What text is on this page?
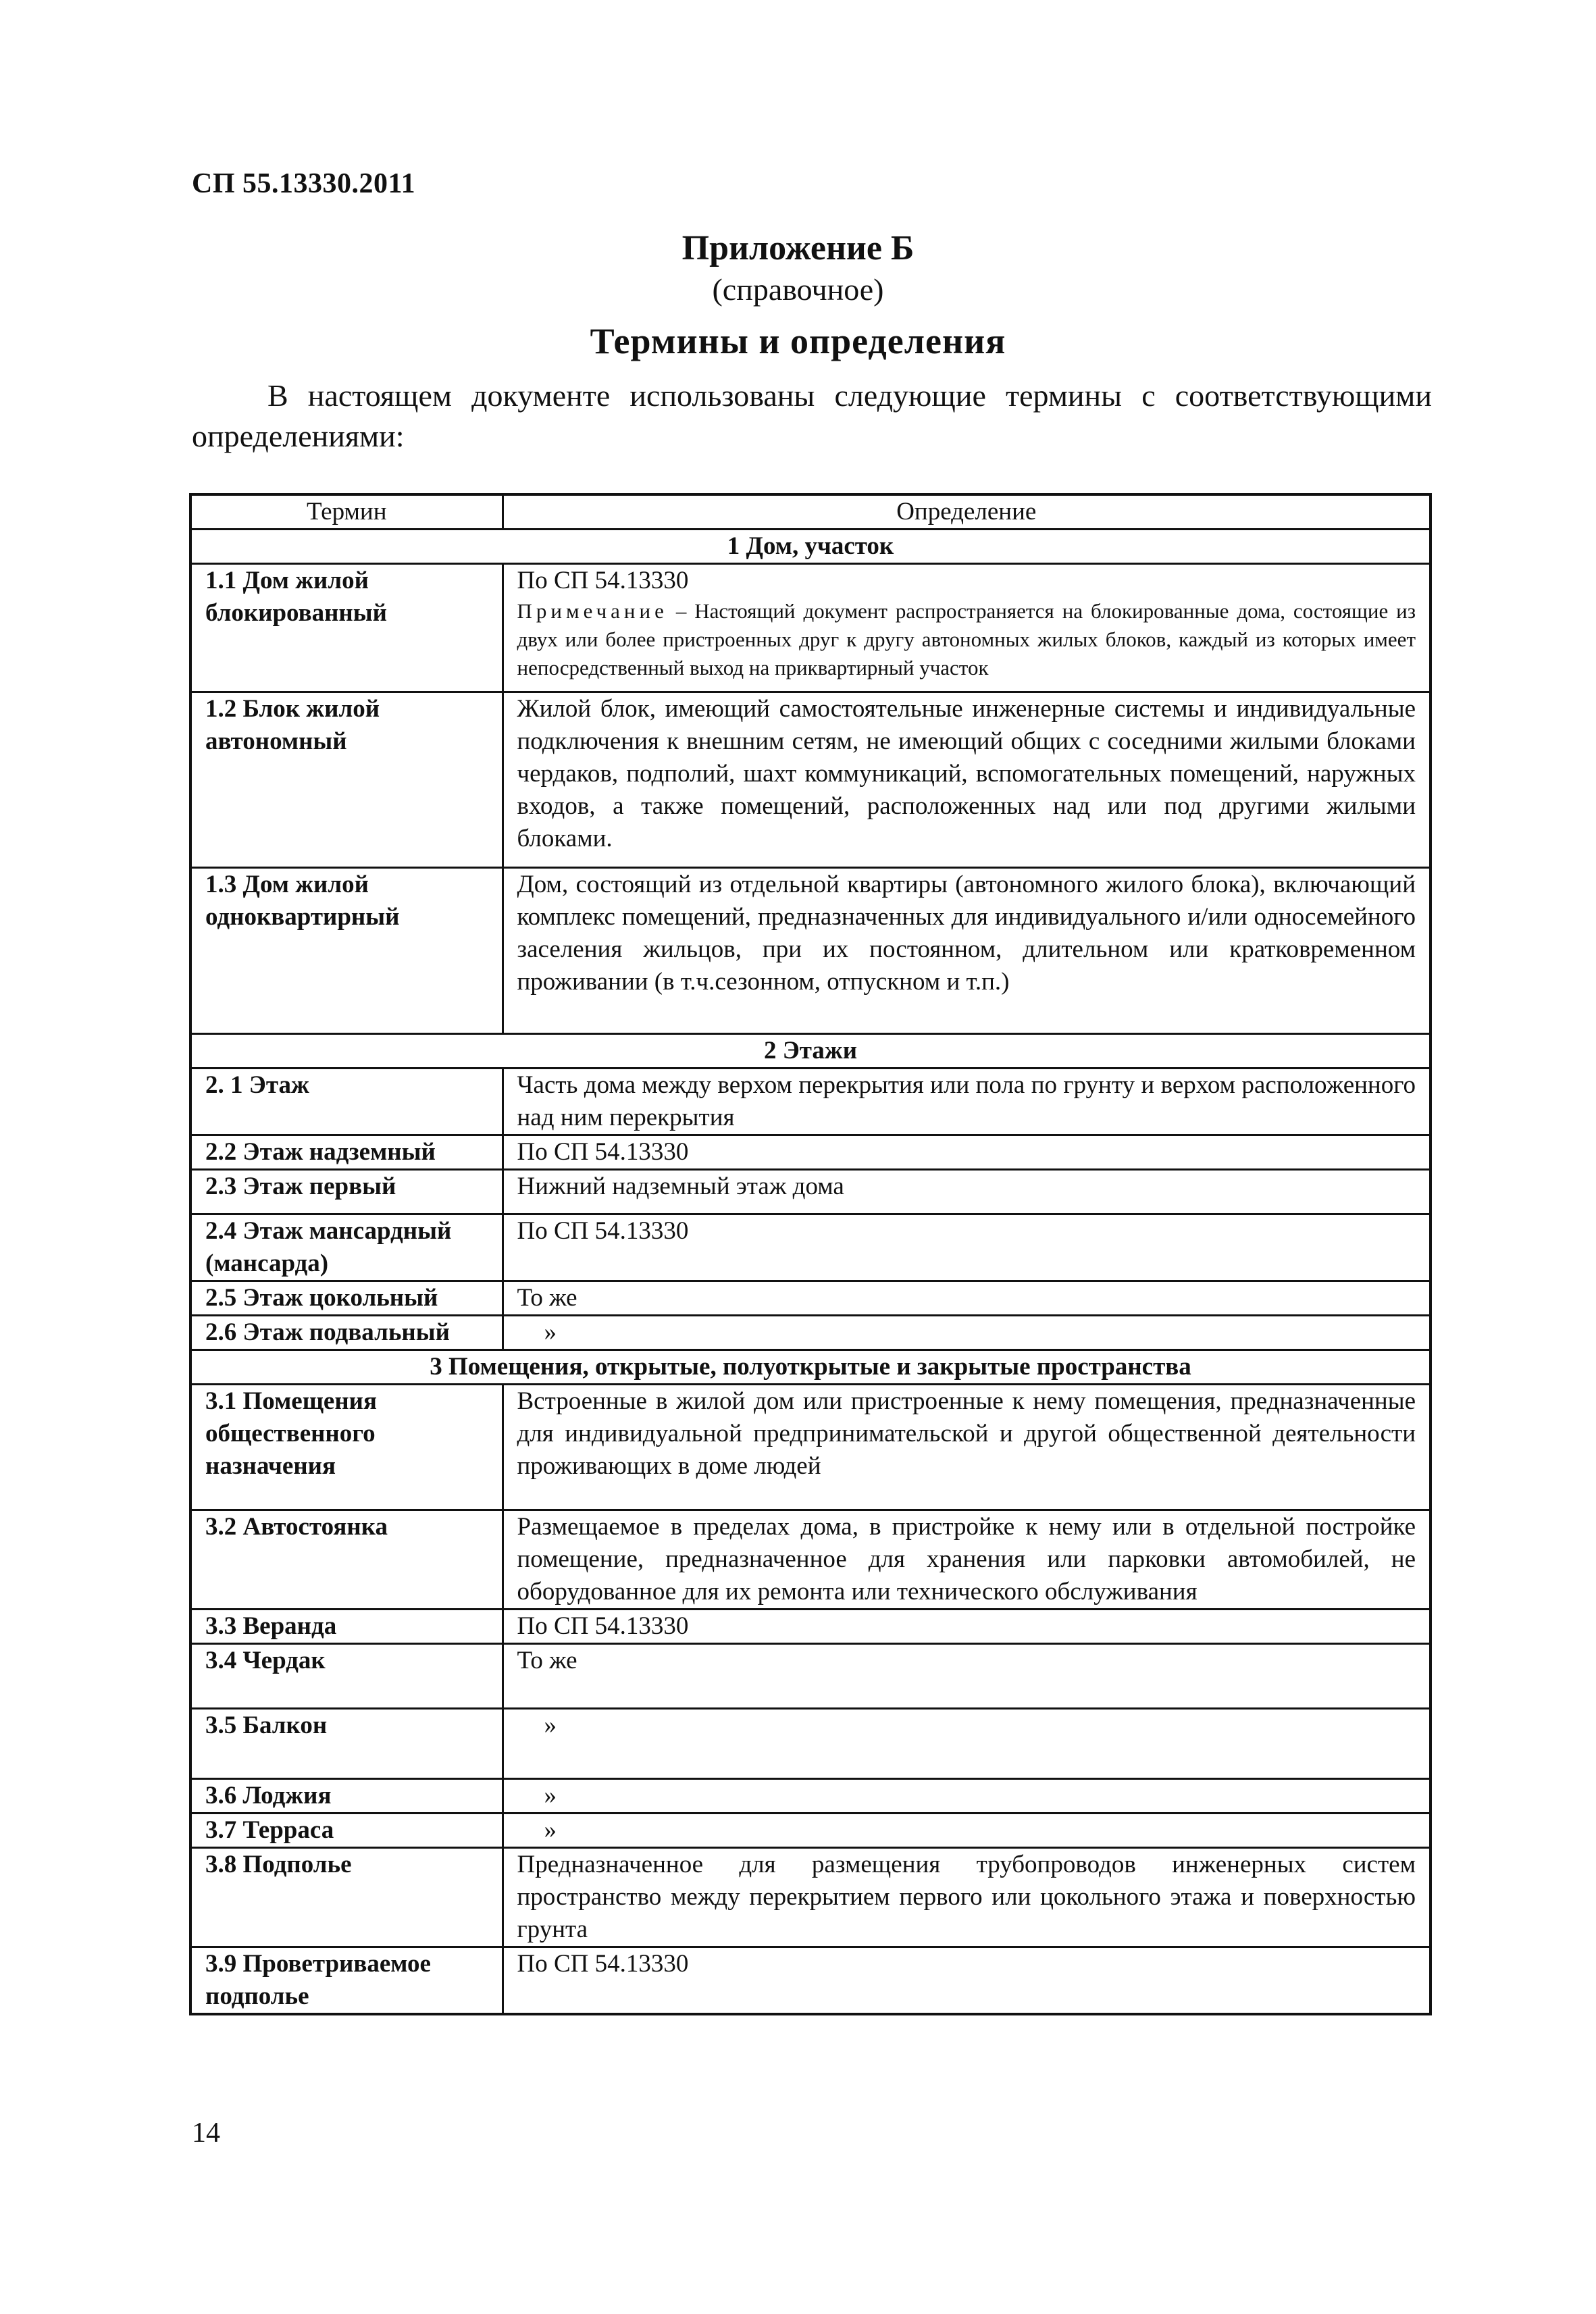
СП 55.13330.2011
Приложение Б
(справочное)
Термины и определения
В настоящем документе использованы следующие термины с соответствующими определениями:
Термин	Определение
1 Дом, участок	
1.1 Дом жилой блокированный	По СП 54.13330
Примечание – Настоящий документ распространяется на блокированные дома, состоящие из двух или более пристроенных друг к другу автономных жилых блоков, каждый из которых имеет непосредственный выход на приквартирный участок

1.2 Блок жилой автономный	Жилой блок, имеющий самостоятельные инженерные системы и индивидуальные подключения к внешним сетям, не имеющий общих с соседними жилыми блоками чердаков, подполий, шахт коммуникаций, вспомогательных помещений, наружных входов, а также помещений, расположенных над или под другими жилыми блоками.
1.3 Дом жилой одноквартирный	Дом, состоящий из отдельной квартиры (автономного жилого блока), включающий комплекс помещений, предназначенных для индивидуального и/или односемейного заселения жильцов, при их постоянном, длительном или кратковременном проживании (в т.ч.сезонном, отпускном и т.п.)
2 Этажи	
2. 1 Этаж	Часть дома между верхом перекрытия или пола по грунту и верхом расположенного над ним перекрытия
2.2 Этаж надземный	По СП 54.13330
2.3 Этаж первый	Нижний надземный этаж дома
2.4 Этаж мансардный (мансарда)	По СП 54.13330
2.5 Этаж цокольный	То же
2.6 Этаж подвальный	»
3 Помещения, открытые, полуоткрытые и закрытые пространства	
3.1 Помещения общественного назначения	Встроенные в жилой дом или пристроенные к нему помещения, предназначенные для индивидуальной предпринимательской и другой общественной деятельности проживающих в доме людей
3.2 Автостоянка	Размещаемое в пределах дома, в пристройке к нему или в отдельной постройке помещение, предназначенное для хранения или парковки автомобилей, не оборудованное для их ремонта или технического обслуживания
3.3 Веранда	По СП 54.13330
3.4 Чердак	То же
3.5 Балкон	»
3.6 Лоджия	»
3.7 Терраса	»
3.8 Подполье	Предназначенное для размещения трубопроводов инженерных систем пространство между перекрытием первого или цокольного этажа и поверхностью грунта
3.9 Проветриваемое подполье	По СП 54.13330
14
